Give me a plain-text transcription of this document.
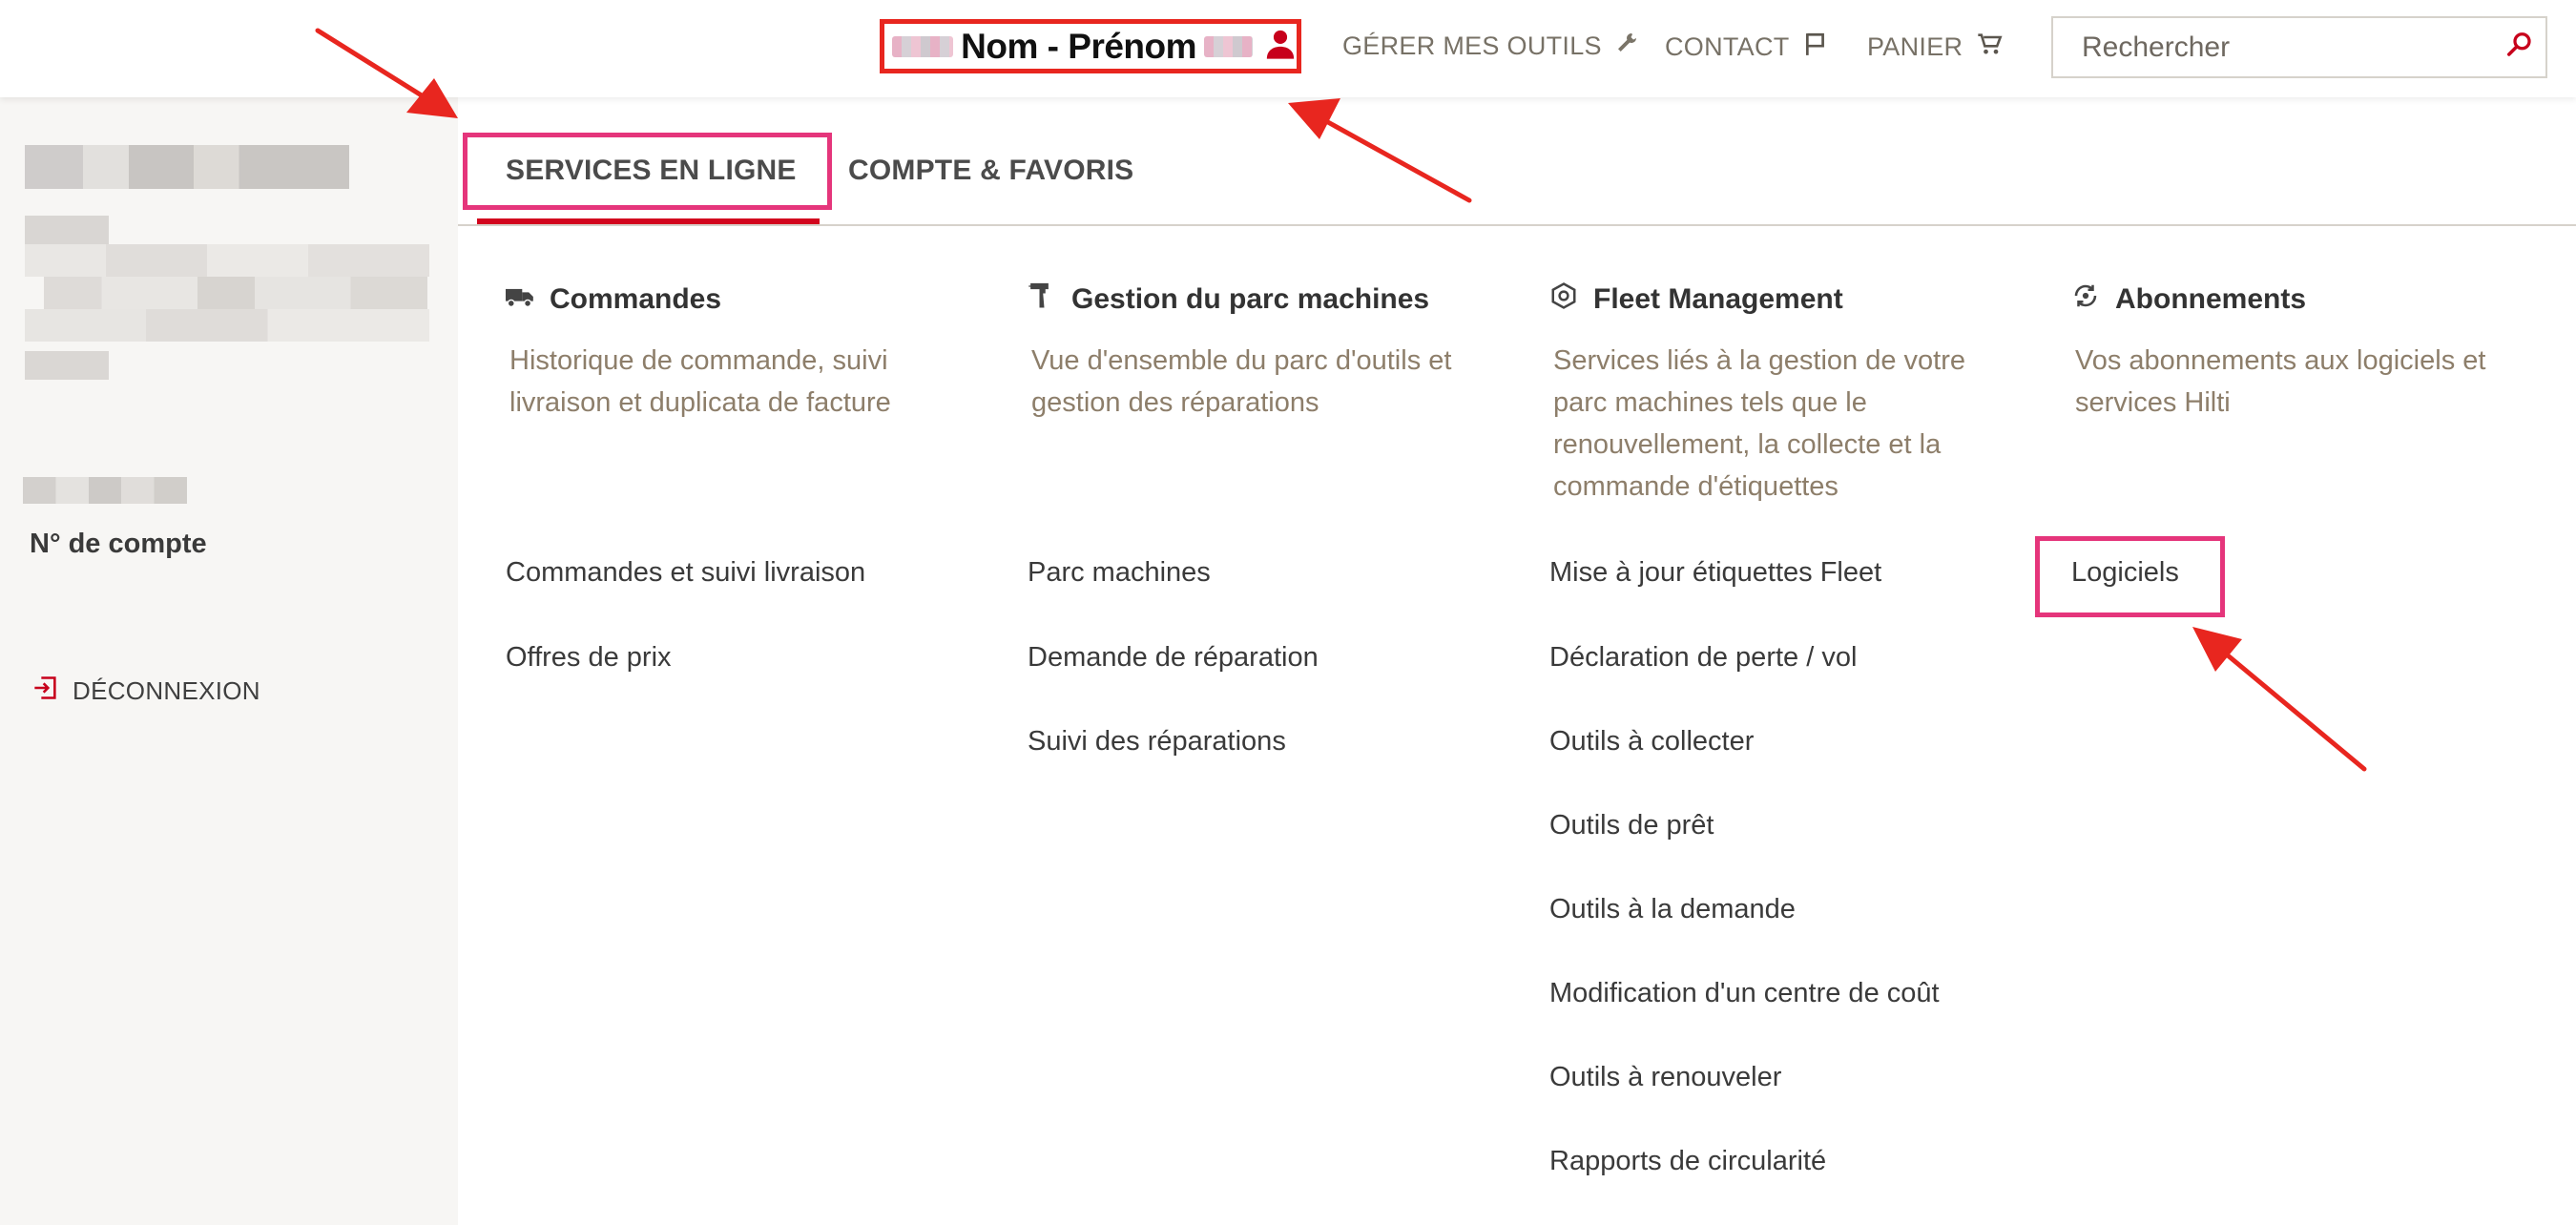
Nom - Prénom	GÉRER MES OUTILS CONTACT	PANIER
Rechercher
N° de compte
DÉCONNEXION
SERVICES EN LIGNE COMPTE & FAVORIS
Commandes
Historique de commande, suivi livraison et duplicata de facture
Commandes et suivi livraison
Offres de prix
Gestion du parc machines
Vue d'ensemble du parc d'outils et gestion des réparations
Parc machines
Demande de réparation
Suivi des réparations
Fleet Management
Services liés à la gestion de votre parc machines tels que le renouvellement, la collecte et la commande d'étiquettes
Mise à jour étiquettes Fleet
Déclaration de perte / vol
Outils à collecter
Outils de prêt
Outils à la demande
Modification d'un centre de coût
Outils à renouveler
Rapports de circularité
Abonnements
Vos abonnements aux logiciels et services Hilti
Logiciels
